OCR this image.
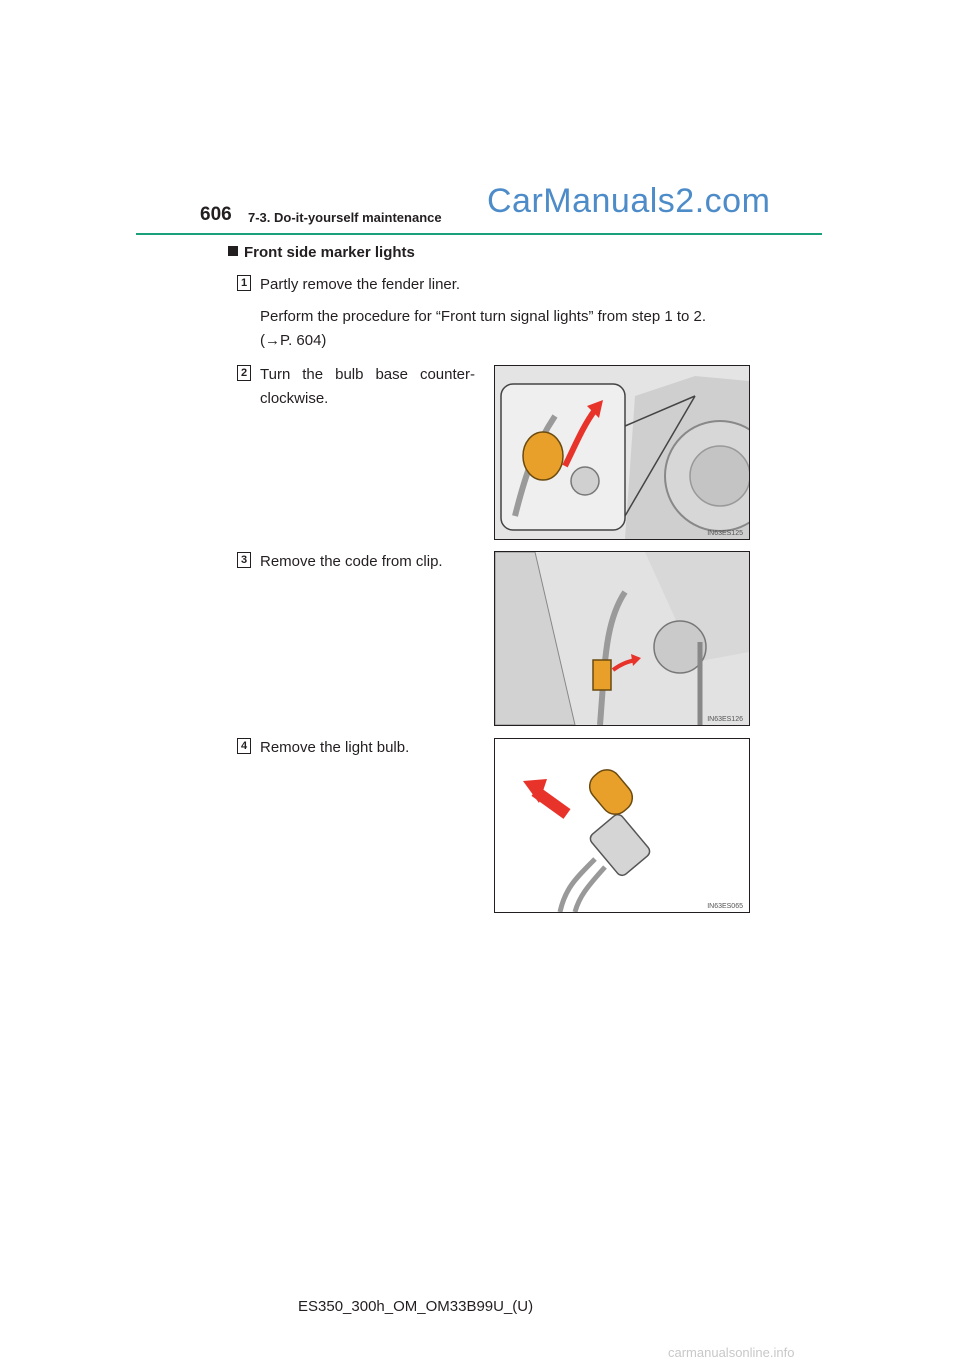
606 7-3. Do-it-yourself maintenance CarManuals2.com
Front side marker lights
1 Partly remove the fender liner.
Perform the procedure for “Front turn signal lights” from step 1 to 2.
(→P. 604)
2 Turn the bulb base counter-clockwise.
IN63ES125
3 Remove the code from clip.
IN63ES126
4 Remove the light bulb.
IN63ES065
ES350_300h_OM_OM33B99U_(U)
carmanualsonline.info
